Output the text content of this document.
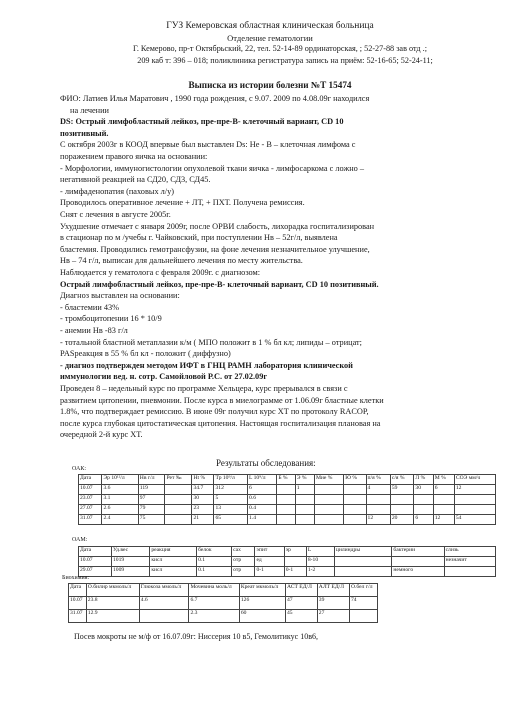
ГУЗ Кемеровская областная клиническая больница
Отделение гематологии
Г. Кемерово, пр-т Октябрьский, 22, тел. 52-14-89 ординаторская, ; 52-27-88 зав отд .;
209 каб т: 396 – 018; поликлиника регистратура запись на приём: 52-16-65; 52-24-11;
Выписка из истории болезни №Т 15474
ФИО: Латиев Илья Маратович , 1990 года рождения, с 9.07. 2009 по 4.08.09г находился
на лечении
DS: Острый лимфобластный лейкоз, пре-пре-В- клеточный вариант, CD 10
позитивный.
С октября 2003г в КООД впервые был выставлен Ds: Не - В – клеточная лимфома с
поражением правого яичка на основании:
- Морфологии, иммуногистологии опухолевой ткани яичка - лимфосаркома с ложно –
негативной реакцией на СД20, СД3, СД45.
- лимфаденопатия (паховых л/у)
Проводилось оперативное лечение + ЛТ, + ПХТ. Получена ремиссия.
Снят с лечения в августе 2005г.
Ухудшение отмечает с января 2009г, после ОРВИ слабость, лихорадка госпитализирован
в стационар по м /учебы г. Чайковский, при поступлении Нв – 52г/л, выявлена
бластемия. Проводились гемотрансфузии, на фоне лечения незначительное улучшение,
Нв – 74 г/л, выписан для дальнейшего лечения по месту жительства.
Наблюдается у гематолога с февраля 2009г. с диагнозом:
Острый лимфобластный лейкоз, пре-пре-В- клеточный вариант, CD 10 позитивный.
Диагноз выставлен на основании:
- бластемии 43%
- тромбоцитопении 16 * 10/9
- анемии Нв -83 г/л
- тотальной бластной метаплазии к/м ( МПО положит в 1 % бл кл; липиды – отрицат;
PASреакция в 55 % бл кл - положит ( диффузно)
- диагноз подтвержден методом ИФТ в ГНЦ РАМН лаборатория клинической
иммунологии вед. н. сотр. Самойловой Р.С. от 27.02.09г
Проведен 8 – недельный курс по программе Хельцера, курс прерывался в связи с
развитием цитопении, пневмонии. После курса в миелограмме от 1.06.09г бластные клетки
1.8%, что подтверждает ремиссию. В июне 09г получил курс ХТ по протоколу RACOP,
после курса глубокая цитостатическая цитопения. Настоящая госпитализация плановая на
очередной 2-й курс ХТ.
Результаты обследования:
ОАК:
Дата	Эр 10¹²/л	Нв г/л	Рет ‰	Нt %	Тр 10⁹/л	L 10⁹/л	Б %	Э %	Мие %	Ю %	п/я %	с/я %	Л %	М %	СОЭ мм/ч
10.07	3.6	119		34.7	312	6		1			4	59	30	6	12
23.07	3.1	97		30	5	0.6									
27.07	2.6	79		23	13	0.4									
31.07	2.4	75		21	65	1.4					12	20	6	12	54
ОАМ:
Дата	Уд.вес	реакция	белок	сах	эпит	эр	L	цилиндры	бактерии	слизь
10.07	1019	кисл	0.1	отр	ед		8-10			незначит
29.07	1009	кисл	0.1	отр	0-1	0-1	1-2		немного	
Биохимия:
Дата	О.билир мкмоль/л	Глюкоза ммоль/л	Мочевина моль/л	Креат мкмоль/л	АСТ ЕД/Л	АЛТ ЕД/Л	О.бел г/л
10.07	23.8	4.6	6.7	126	47	39	74
31.07	12.9		2.3	60	45	27	
Посев мокроты не м/ф от 16.07.09г: Нисcерия 10 в5, Гемолитикус 10в6,
